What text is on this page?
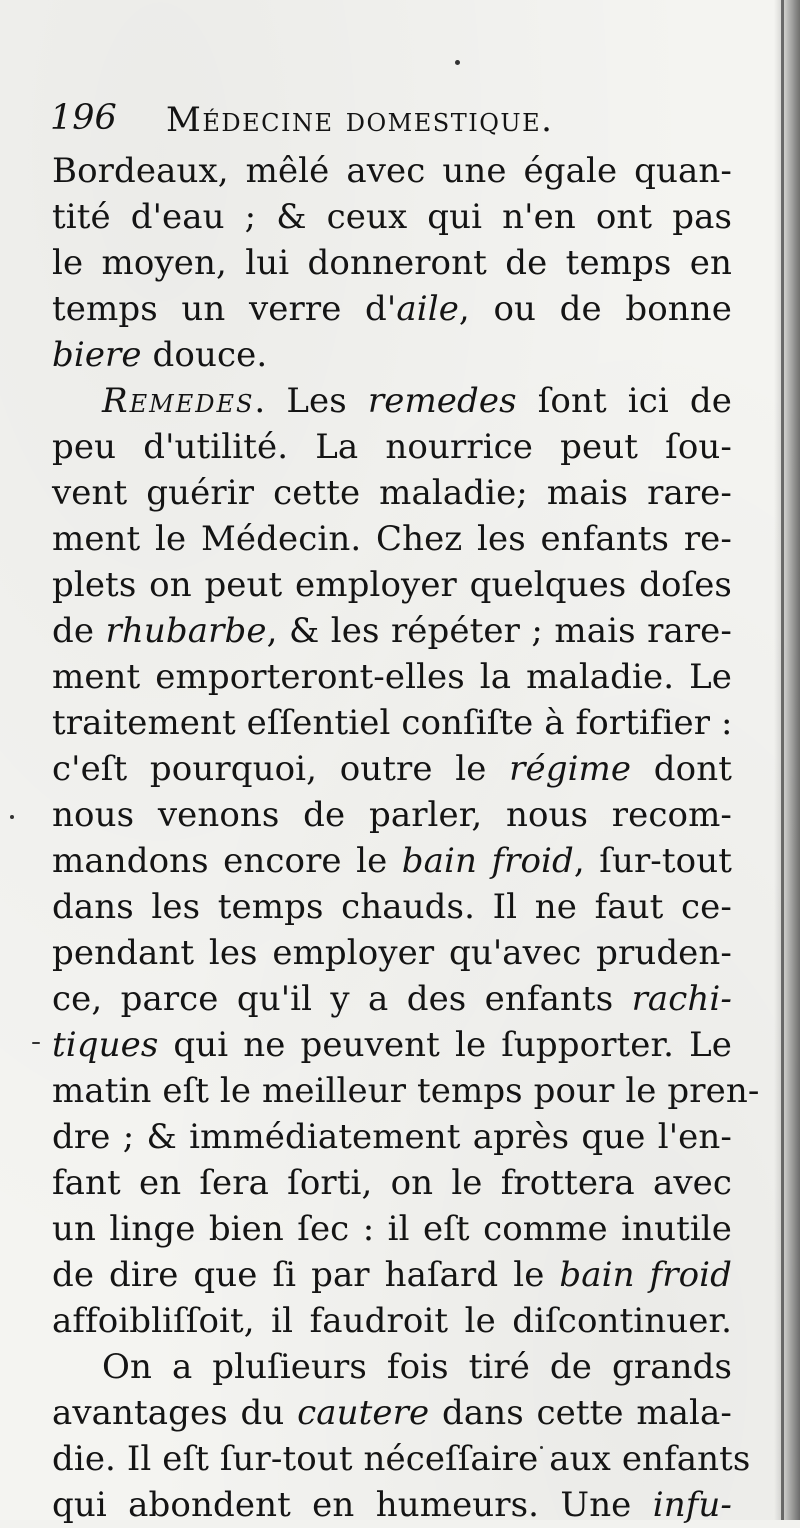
196 Médecine domestique.
Bordeaux, mêlé avec une égale quan-
tité d'eau ; & ceux qui n'en ont pas
le moyen, lui donneront de temps en
temps un verre d'aile, ou de bonne
biere douce.
Remedes. Les remedes ſont ici de
peu d'utilité. La nourrice peut ſou-
vent guérir cette maladie; mais rare-
ment le Médecin. Chez les enfants re-
plets on peut employer quelques doſes
de rhubarbe, & les répéter ; mais rare-
ment emporteront-elles la maladie. Le
traitement eſſentiel conſiſte à fortifier :
c'eſt pourquoi, outre le régime dont
nous venons de parler, nous recom-
mandons encore le bain froid, ſur-tout
dans les temps chauds. Il ne faut ce-
pendant les employer qu'avec pruden-
ce, parce qu'il y a des enfants rachi-
tiques qui ne peuvent le ſupporter. Le
matin eſt le meilleur temps pour le pren-
dre ; & immédiatement après que l'en-
fant en ſera ſorti, on le frottera avec
un linge bien ſec : il eſt comme inutile
de dire que ſi par haſard le bain froid
affoibliſſoit, il faudroit le diſcontinuer.
On a pluſieurs fois tiré de grands
avantages du cautere dans cette mala-
die. Il eſt ſur-tout néceſſaire aux enfants
qui abondent en humeurs. Une infu-
